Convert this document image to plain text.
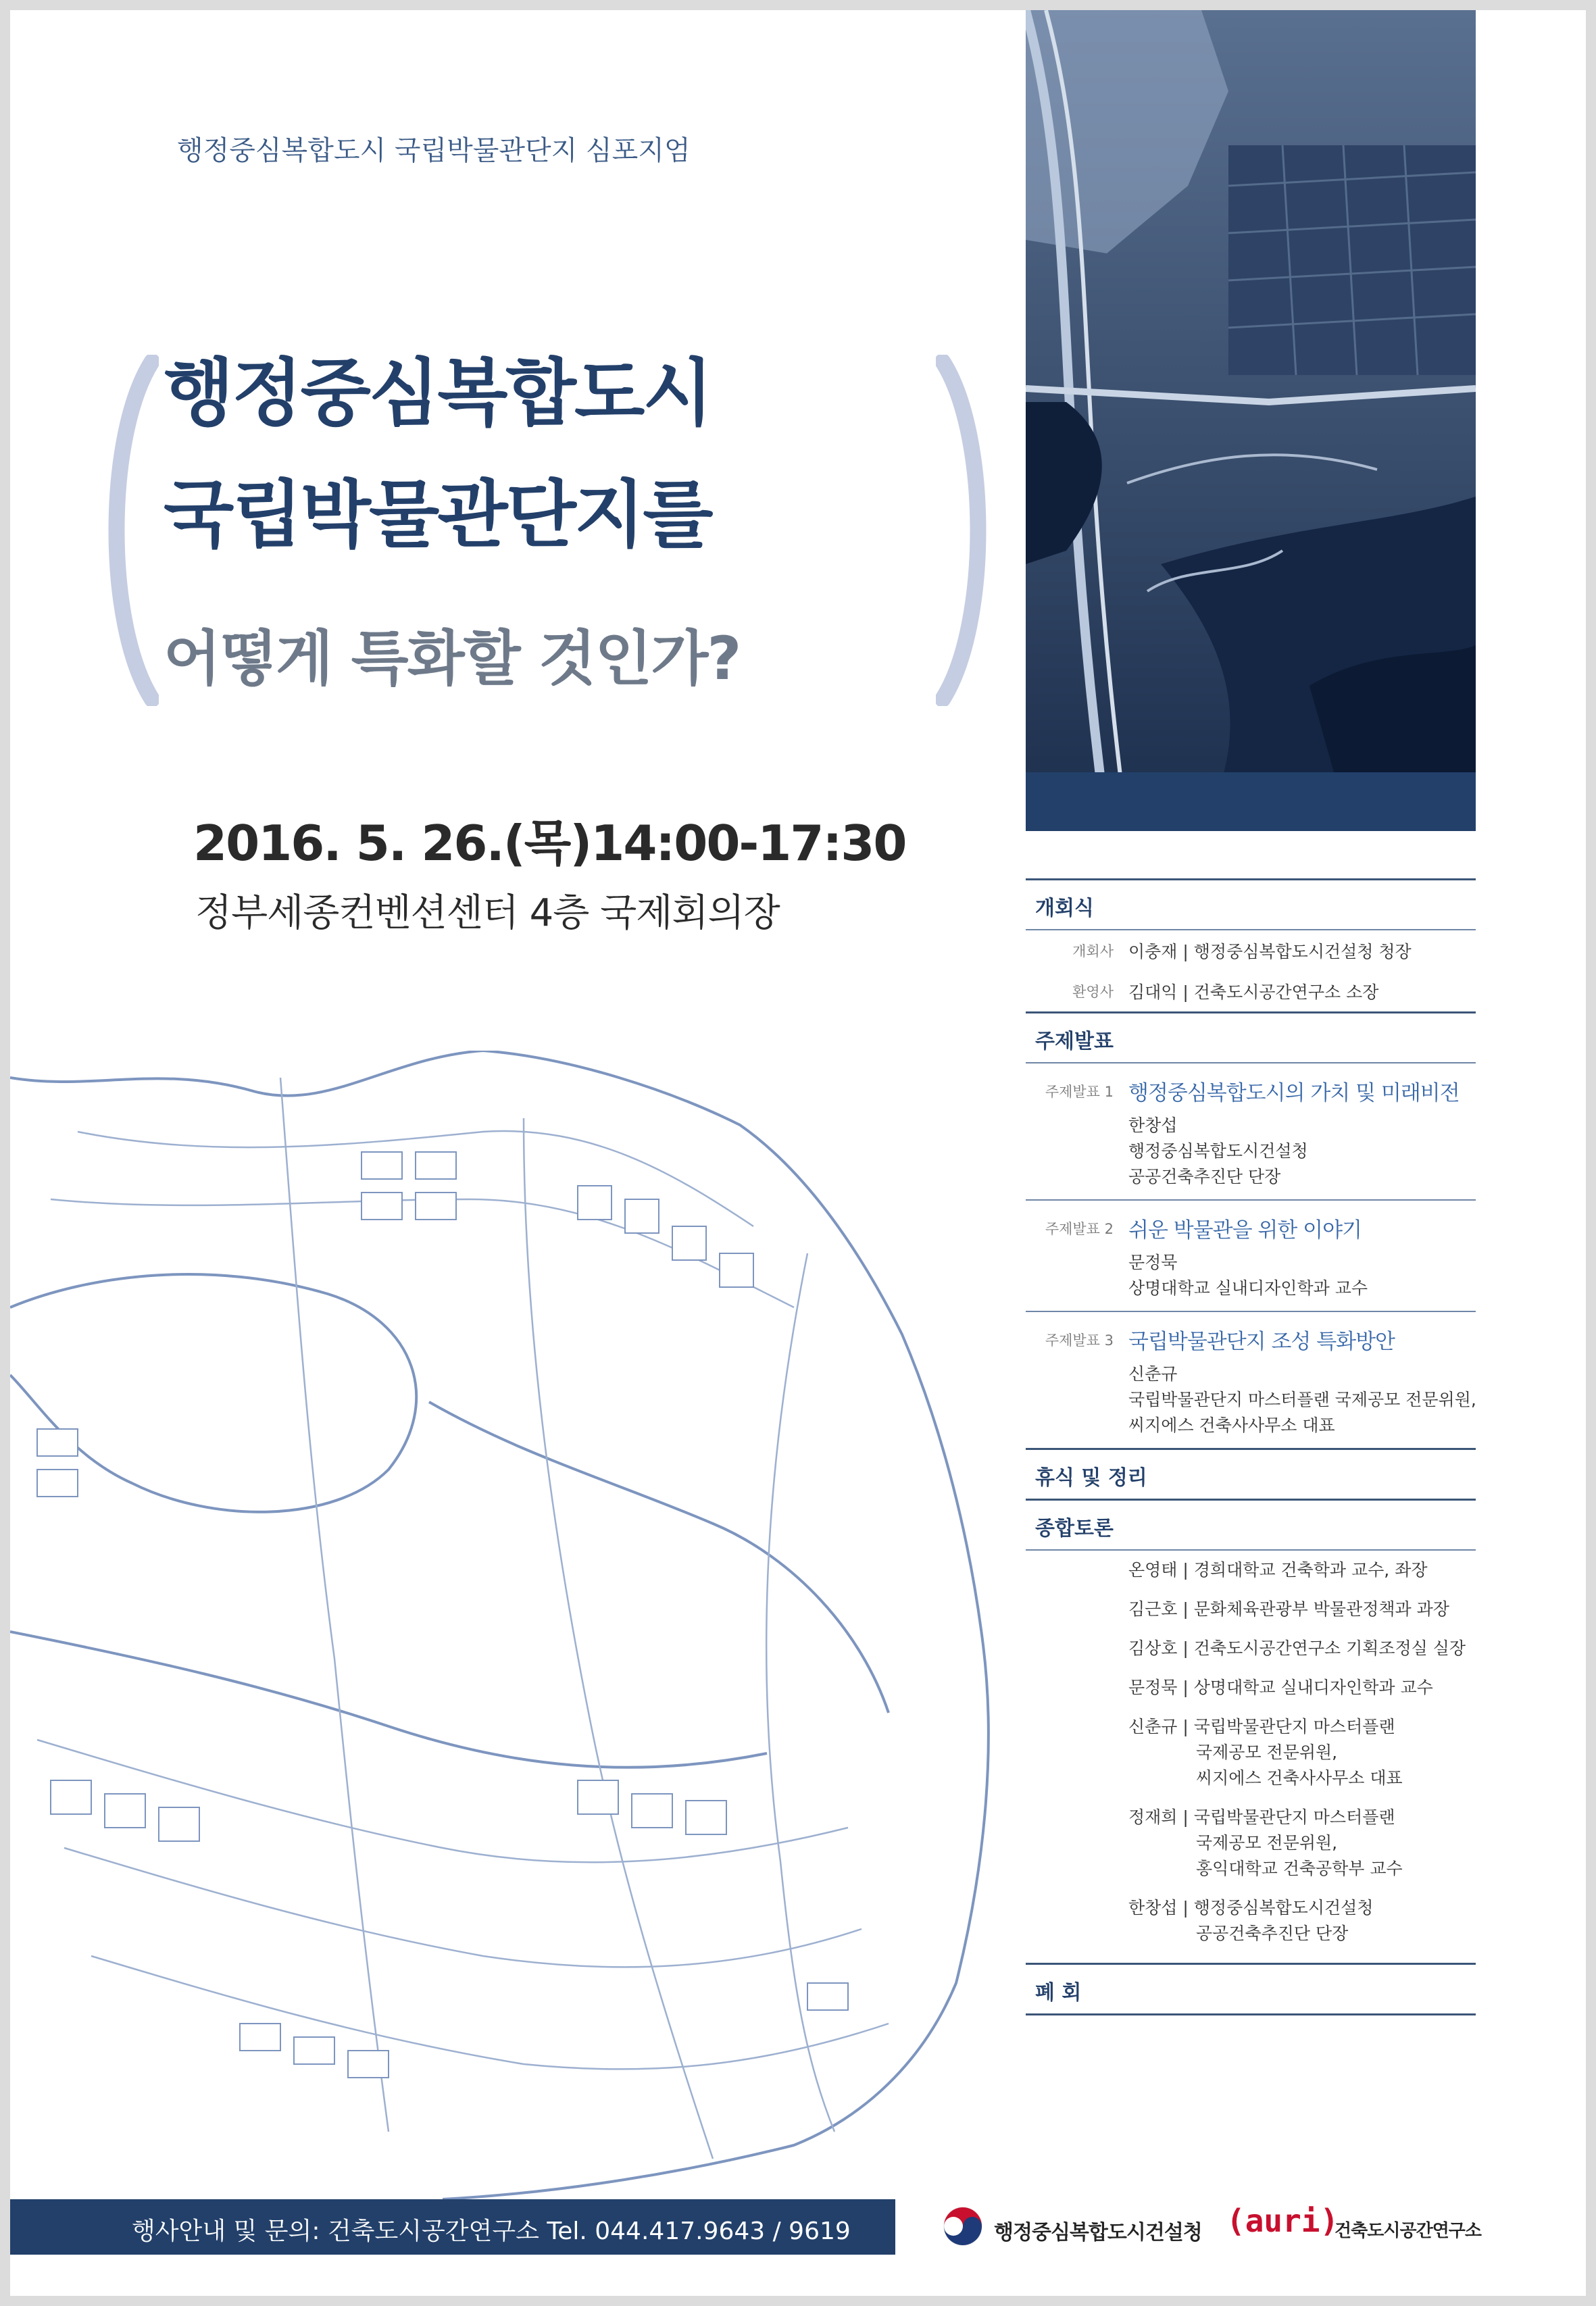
행정중심복합도시 국립박물관단지 심포지엄
행정중심복합도시
국립박물관단지를
어떻게 특화할 것인가?
2016. 5. 26.(목)14:00-17:30
정부세종컨벤션센터 4층 국제회의장	개회식
개회사 이충재 | 행정중심복합도시건설청 청장
환영사 김대익 | 건축도시공간연구소 소장
주제발표
주제발표 1 행정중심복합도시의 가치 및 미래비전
한창섭
행정중심복합도시건설청
공공건축추진단 단장
주제발표 2 쉬운 박물관을 위한 이야기
문정묵
상명대학교 실내디자인학과 교수
주제발표 3 국립박물관단지 조성 특화방안
신춘규
국립박물관단지 마스터플랜 국제공모 전문위원,
씨지에스 건축사사무소 대표
휴식 및 정리
종합토론
온영태 | 경희대학교 건축학과 교수, 좌장
김근호 | 문화체육관광부 박물관정책과 과장
김상호 | 건축도시공간연구소 기획조정실 실장
문정묵 | 상명대학교 실내디자인학과 교수
신춘규 | 국립박물관단지 마스터플랜
국제공모 전문위원,
씨지에스 건축사사무소 대표
정재희 | 국립박물관단지 마스터플랜
국제공모 전문위원,
홍익대학교 건축공학부 교수
한창섭 | 행정중심복합도시건설청
공공건축추진단 단장
폐 회
행사안내 및 문의: 건축도시공간연구소 Tel. 044.417.9643 / 9619	행정중심복합도시건설청 (auri)
건축도시공간연구소
